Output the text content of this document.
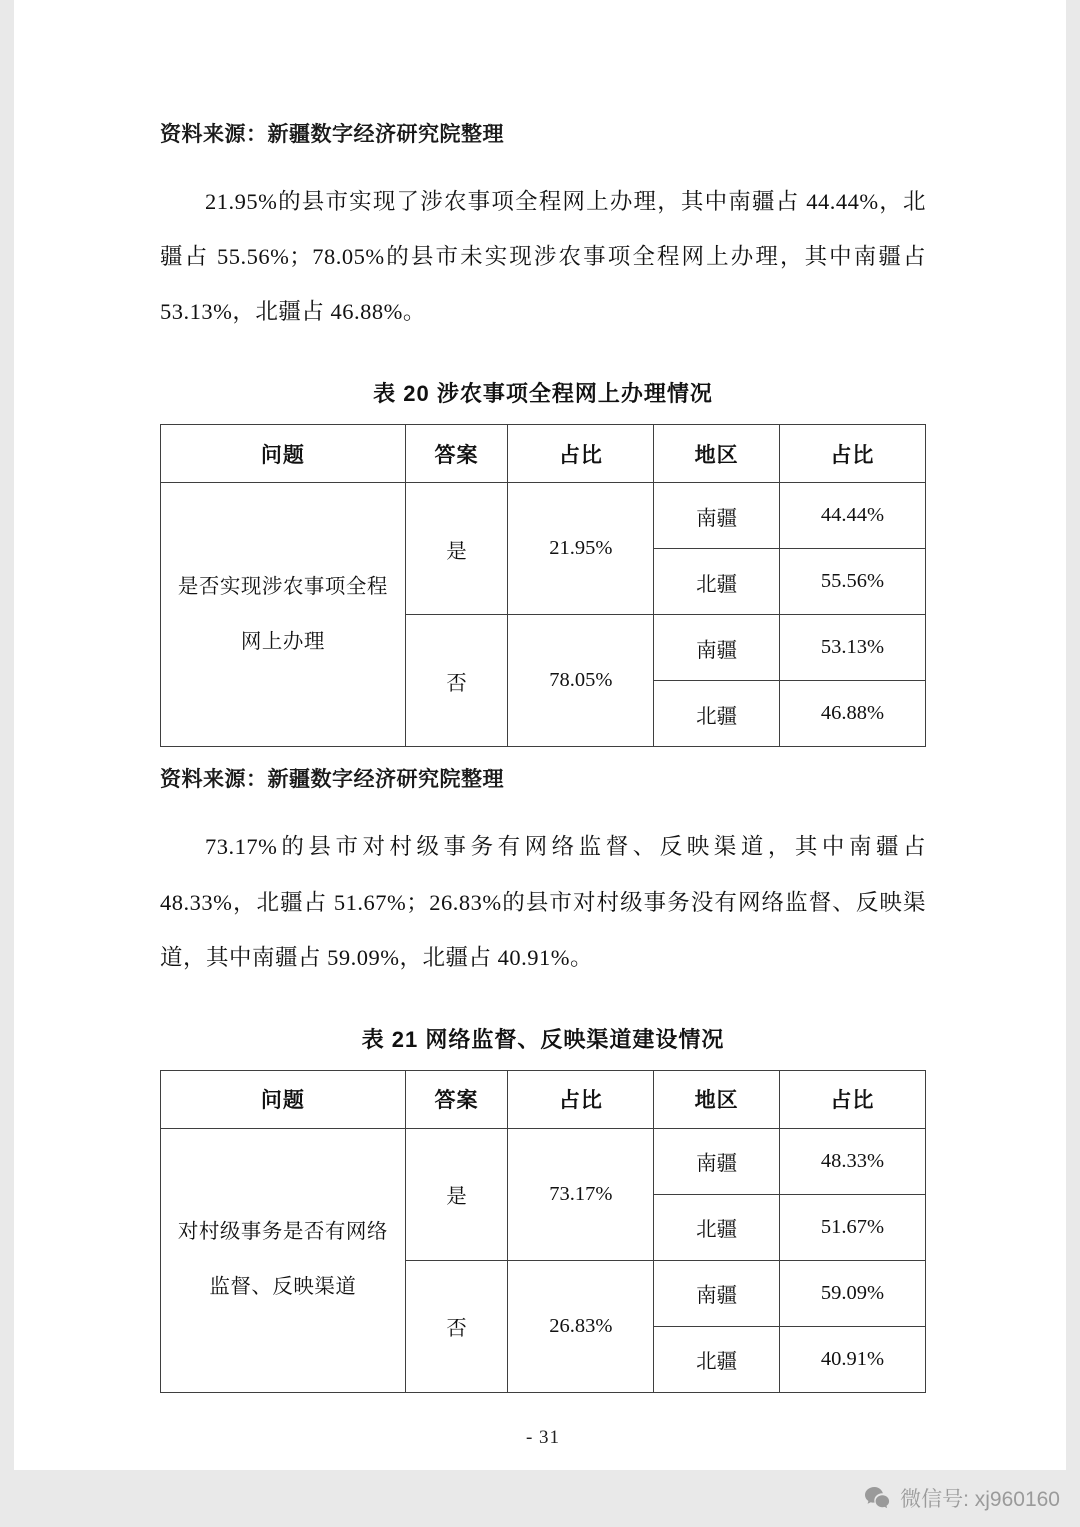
资料来源：新疆数字经济研究院整理

21.95%的县市实现了涉农事项全程网上办理，其中南疆占 44.44%，北疆占 55.56%；78.05%的县市未实现涉农事项全程网上办理，其中南疆占 53.13%，北疆占 46.88%。

表 20 涉农事项全程网上办理情况
问题	答案	占比	地区	占比
是否实现涉农事项全程网上办理	是	21.95%	南疆	44.44%
			北疆	55.56%
	否	78.05%	南疆	53.13%
			北疆	46.88%
资料来源：新疆数字经济研究院整理

73.17%的县市对村级事务有网络监督、反映渠道，其中南疆占 48.33%，北疆占 51.67%；26.83%的县市对村级事务没有网络监督、反映渠道，其中南疆占 59.09%，北疆占 40.91%。

表 21 网络监督、反映渠道建设情况
问题	答案	占比	地区	占比
对村级事务是否有网络监督、反映渠道	是	73.17%	南疆	48.33%
			北疆	51.67%
	否	26.83%	南疆	59.09%
			北疆	40.91%
- 31
微信号: xj960160
